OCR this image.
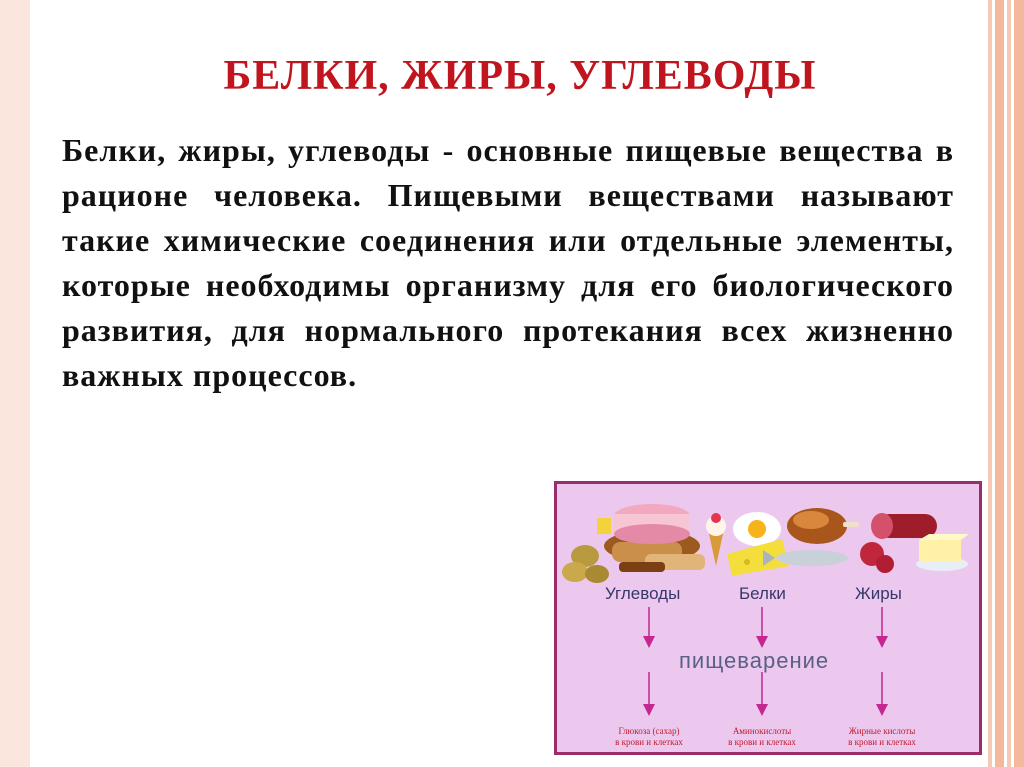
БЕЛКИ, ЖИРЫ, УГЛЕВОДЫ

Белки, жиры, углеводы - основные пищевые вещества в рационе человека. Пищевыми веществами называют такие химические соединения или отдельные элементы, которые необходимы организму для его биологического развития, для нормального протекания всех жизненно важных процессов.

Углеводы	Белки	Жиры

пищеварение

Глюкоза (сахар)
в крови и клетках

Аминокислоты
в крови и клетках

Жирные кислоты
в крови и клетках
